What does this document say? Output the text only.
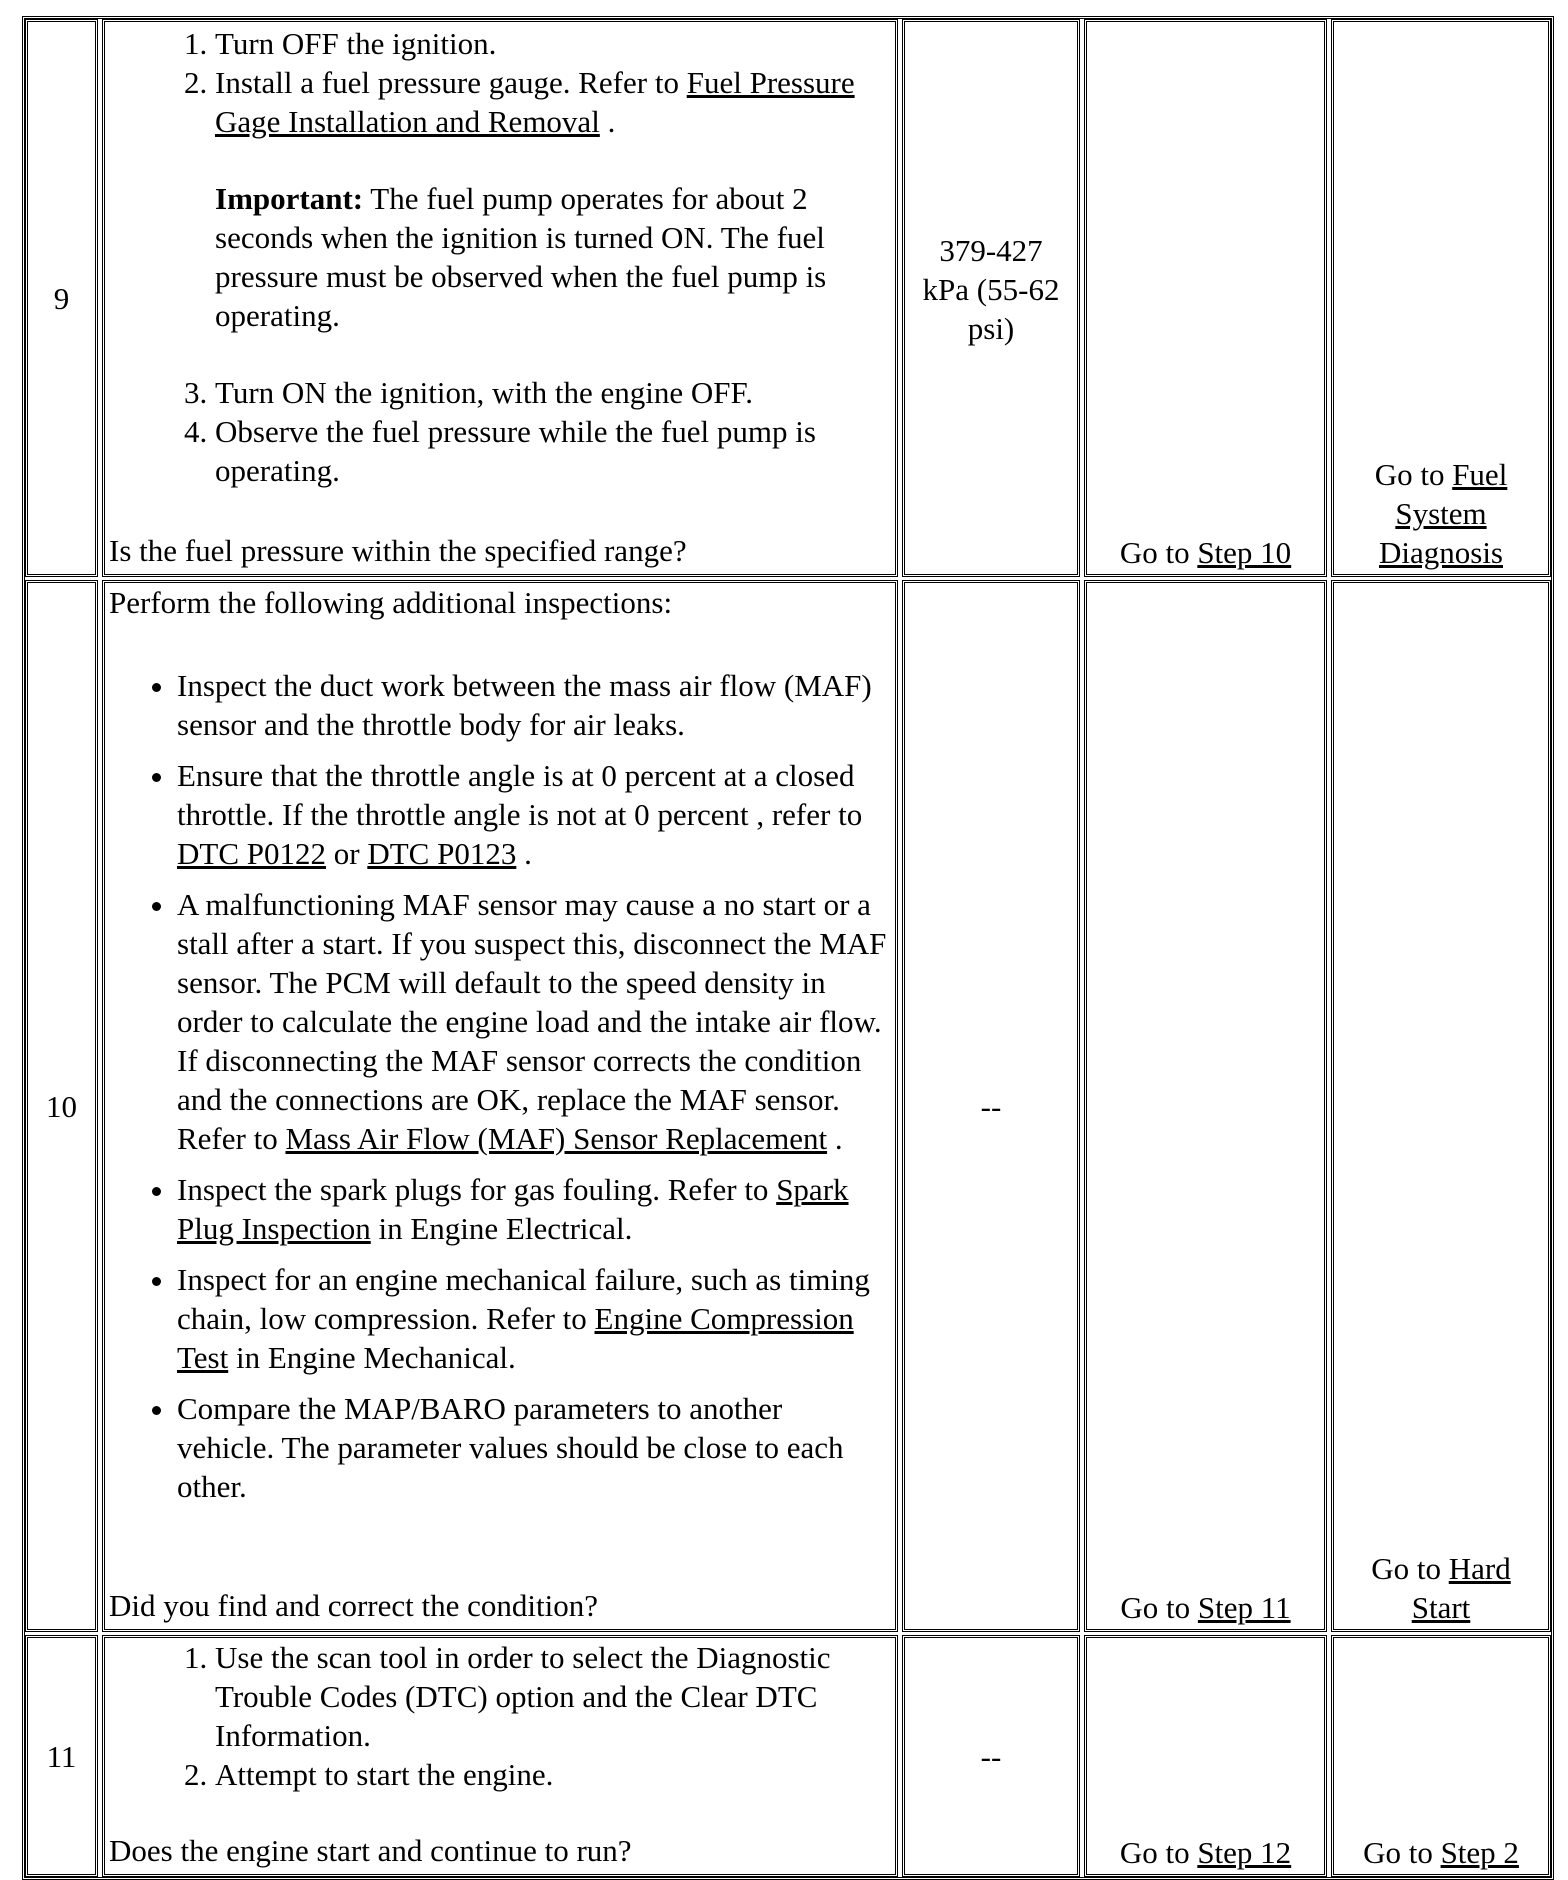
9
1. Turn OFF the ignition.
2. Install a fuel pressure gauge. Refer to Fuel Pressure Gage Installation and Removal .
Important: The fuel pump operates for about 2 seconds when the ignition is turned ON. The fuel pressure must be observed when the fuel pump is operating.
3. Turn ON the ignition, with the engine OFF.
4. Observe the fuel pressure while the fuel pump is operating.
Is the fuel pressure within the specified range?
379-427 kPa (55-62 psi)
Go to Step 10
Go to Fuel System Diagnosis
10
Perform the following additional inspections:
• Inspect the duct work between the mass air flow (MAF) sensor and the throttle body for air leaks.
• Ensure that the throttle angle is at 0 percent at a closed throttle. If the throttle angle is not at 0 percent , refer to DTC P0122 or DTC P0123 .
• A malfunctioning MAF sensor may cause a no start or a stall after a start. If you suspect this, disconnect the MAF sensor. The PCM will default to the speed density in order to calculate the engine load and the intake air flow. If disconnecting the MAF sensor corrects the condition and the connections are OK, replace the MAF sensor. Refer to Mass Air Flow (MAF) Sensor Replacement .
• Inspect the spark plugs for gas fouling. Refer to Spark Plug Inspection in Engine Electrical.
• Inspect for an engine mechanical failure, such as timing chain, low compression. Refer to Engine Compression Test in Engine Mechanical.
• Compare the MAP/BARO parameters to another vehicle. The parameter values should be close to each other.
Did you find and correct the condition?
--
Go to Step 11
Go to Hard Start
11
1. Use the scan tool in order to select the Diagnostic Trouble Codes (DTC) option and the Clear DTC Information.
2. Attempt to start the engine.
Does the engine start and continue to run?
--
Go to Step 12 Go to Step 2
